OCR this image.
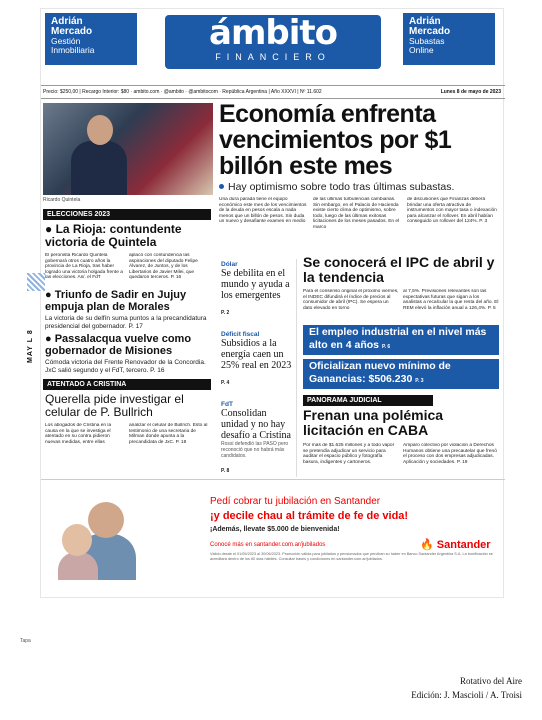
Adrián
Mercado
Gestión
Inmobiliaria	ámbito
FINANCIERO
Adrián
Mercado
Subastas
Online
Precio: $250,00 | Recargo Interior: $80 · ambito.com · @ambito · @ambitocom · República Argentina | Año XXXVI | Nº 11.602	Lunes 8 de mayo de 2023
Ricardo Quintela
ELECCIONES 2023
● La Rioja: contundente victoria de Quintela
El peronista Ricardo Quintela gobernará otros cuatro años la provincia de La Rioja, tras haber logrado una victoria holgada frente a las elecciones. As/. el FdT
aplacó con contundencia las aspiraciones del diputado Felipe Álvarez, de Juntos, y de los Libertarios de Javier Milei, que quedaron terceros. P. 16
● Triunfo de Sadir en Jujuy empuja plan de Morales
La victoria de su delfín suma puntos a la precandidatura presidencial del gobernador. P. 17
● Passalacqua vuelve como gobernador de Misiones
Cómoda victoria del Frente Renovador de la Concordia. JxC salió segundo y el FdT, tercero. P. 16
ATENTADO A CRISTINA
Querella pide investigar el celular de P. Bullrich
Los abogados de Cristina en la causa en la que se investiga el atentado en su contra pidieron nuevas medidas, entre ellas
analizar el celular de Bullrich. Esto al testimonio de una secretaria de Milman donde apunta a la precandidata de JxC. P. 18
Economía enfrenta vencimientos por $1 billón este mes
Hay optimismo sobre todo tras últimas subastas.
Una dura parada tiene el equipo económico este mes de los vencimientos de la deuda en pesos escala a nada menos que un billón de pesos. Sin duda un nuevo y desafiante examen en medio
de las últimas turbulencias cambiarias. Sin embargo, en el Palacio de Hacienda existe cierto clima de optimismo, sobre todo, luego de las últimas exitosas licitaciones de los meses pasados. En el marco
de discusiones que Finanzas deberá brindar una oferta atractiva de instrumentos con mayor tasa o indexación para alcanzar el rollover. En abril habían conseguido un rollover del 124%. P. 3
Dólar
Se debilita en el mundo y ayuda a los emergentes
P. 2
Déficit fiscal
Subsidios a la energía caen un 25% real en 2023
P. 4
FdT
Consolidan unidad y no hay desafío a Cristina
Rossi defendió las PASO pero reconoció que no habrá más candidatos.
P. 8
Se conocerá el IPC de abril y la tendencia
Para el consenso original el próximo viernes, el INDEC difundirá el índice de precios al consumidor de abril (IPC). Se espera un dato elevado en torno
al 7,5%. Previsiones relevantes son las expectativas futuras que sigan a los analistas a recalcular la que resta del año. El REM elevó la inflación anual a 126,4%. P. 5
El empleo industrial en el nivel más alto en 4 años P. 6
Oficializan nuevo mínimo de Ganancias: $506.230 P. 3
PANORAMA JUDICIAL
Frenan una polémica licitación en CABA
Por más de $1.625 millones y a todo vapor se pretendía adjudicar un servicio para auditar el espacio público y fotografía basura, indigentes y cartoneros.
Amparo colectivo por violación a Derechos Humanos obtiene una precautelar que frenó el proceso con dos empresas adjudicadas. Aplicación y sociedades. P. 19
MAY L 8
Pedí cobrar tu jubilación en Santander
¡y decile chau al trámite de fe de vida!
¡Además, llevate $5.000 de bienvenida!
Conocé más en santander.com.ar/jubilados	🔥 Santander
Válido desde el 01/05/2023 al 30/06/2023. Promoción válida para jubilados y pensionados que perciban su haber en Banco Santander Argentina S.A. La bonificación se acreditará dentro de los 60 días hábiles. Consultar bases y condiciones en santander.com.ar/jubilados.
Tapa
Rotativo del Aire
Edición: J. Mascioli / A. Troisi
